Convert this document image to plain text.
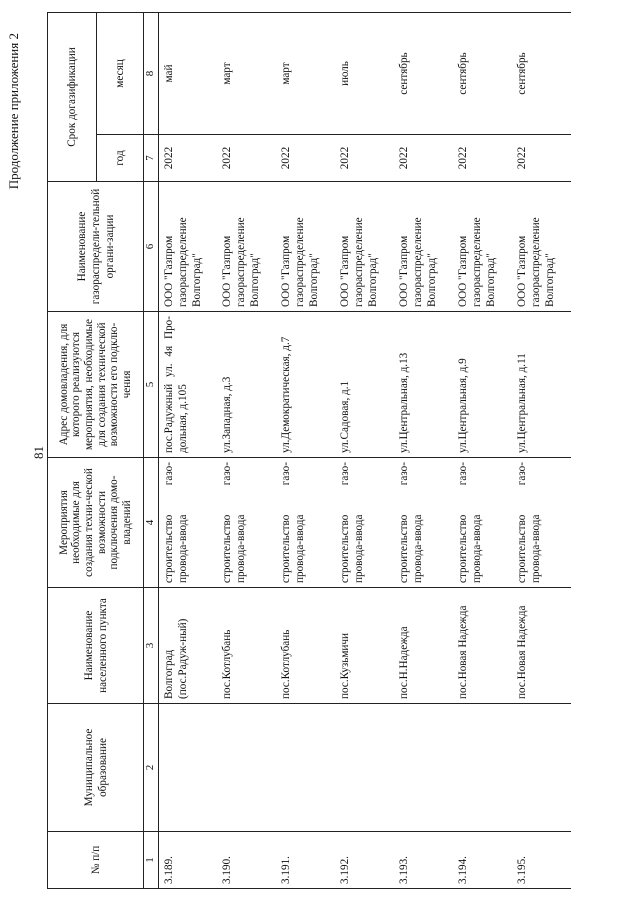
81
Продолжение приложения 2
№ п/п	Муниципальное образование	Наименование населенного пункта	Мероприятия необходимые для создания техни-ческой возможности подключения домо-владений	Адрес домовладения, для которого реализуются мероприятия, необходимые для создания технической возможности его подклю-чения	Наименование газораспредели-тельной органи-зации	Срок догазификации	
						год	месяц
1	2	3	4	5	6	7	8
3.189.		Волгоград (пос.Радуж-ный)	строительство газо-провода-ввода	пос.Радужный ул. 4я Про-дольная, д.105	ООО "Газпром газораспределение Волгоград"	2022	май
3.190.		пос.Котлубань	строительство газо-провода-ввода	ул.Западная, д.3	ООО "Газпром газораспределение Волгоград"	2022	март
3.191.		пос.Котлубань	строительство газо-провода-ввода	ул.Демократическая, д.7	ООО "Газпром газораспределение Волгоград"	2022	март
3.192.		пос.Кузьмичи	строительство газо-провода-ввода	ул.Садовая, д.1	ООО "Газпром газораспределение Волгоград"	2022	июль
3.193.		пос.Н.Надежда	строительство газо-провода-ввода	ул.Центральная, д.13	ООО "Газпром газораспределение Волгоград"	2022	сентябрь
3.194.		пос.Новая Надежда	строительство газо-провода-ввода	ул.Центральная, д.9	ООО "Газпром газораспределение Волгоград"	2022	сентябрь
3.195.		пос.Новая Надежда	строительство газо-провода-ввода	ул.Центральная, д.11	ООО "Газпром газораспределение Волгоград"	2022	сентябрь
